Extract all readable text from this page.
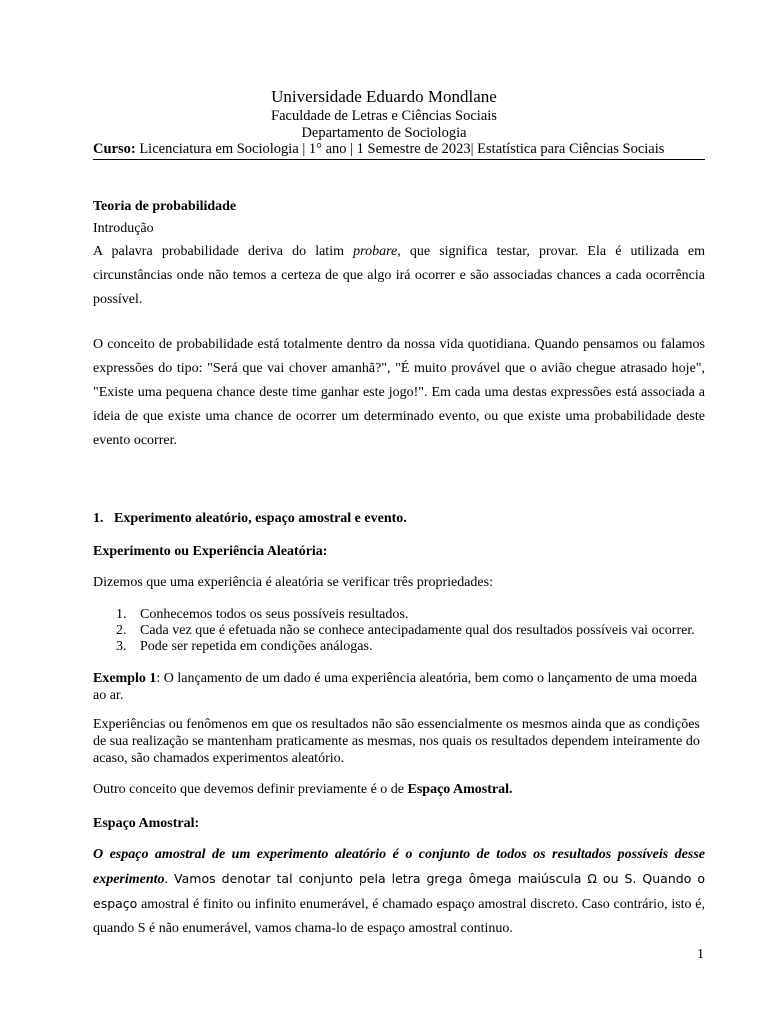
Universidade Eduardo Mondlane
Faculdade de Letras e Ciências Sociais
Departamento de Sociologia
Curso: Licenciatura em Sociologia | 1° ano | 1 Semestre de 2023| Estatística para Ciências Sociais
Teoria de probabilidade
Introdução
A palavra probabilidade deriva do latim probare, que significa testar, provar. Ela é utilizada em circunstâncias onde não temos a certeza de que algo irá ocorrer e são associadas chances a cada ocorrência possível.
O conceito de probabilidade está totalmente dentro da nossa vida quotidiana. Quando pensamos ou falamos expressões do tipo: "Será que vai chover amanhã?", "É muito provável que o avião chegue atrasado hoje", "Existe uma pequena chance deste time ganhar este jogo!". Em cada uma destas expressões está associada a ideia de que existe uma chance de ocorrer um determinado evento, ou que existe uma probabilidade deste evento ocorrer.
1.   Experimento aleatório, espaço amostral e evento.
Experimento ou Experiência Aleatória:
Dizemos que uma experiência é aleatória se verificar três propriedades:
1. Conhecemos todos os seus possíveis resultados.
2. Cada vez que é efetuada não se conhece antecipadamente qual dos resultados possíveis vai ocorrer.
3. Pode ser repetida em condições análogas.
Exemplo 1: O lançamento de um dado é uma experiência aleatória, bem como o lançamento de uma moeda ao ar.
Experiências ou fenômenos em que os resultados não são essencialmente os mesmos ainda que as condições de sua realização se mantenham praticamente as mesmas, nos quais os resultados dependem inteiramente do acaso, são chamados experimentos aleatório.
Outro conceito que devemos definir previamente é o de Espaço Amostral.
Espaço Amostral:
O espaço amostral de um experimento aleatório é o conjunto de todos os resultados possíveis desse experimento. Vamos denotar tal conjunto pela letra grega ômega maiúscula Ω ou S. Quando o espaço amostral é finito ou infinito enumerável, é chamado espaço amostral discreto. Caso contrário, isto é, quando S é não enumerável, vamos chama-lo de espaço amostral continuo.
1
